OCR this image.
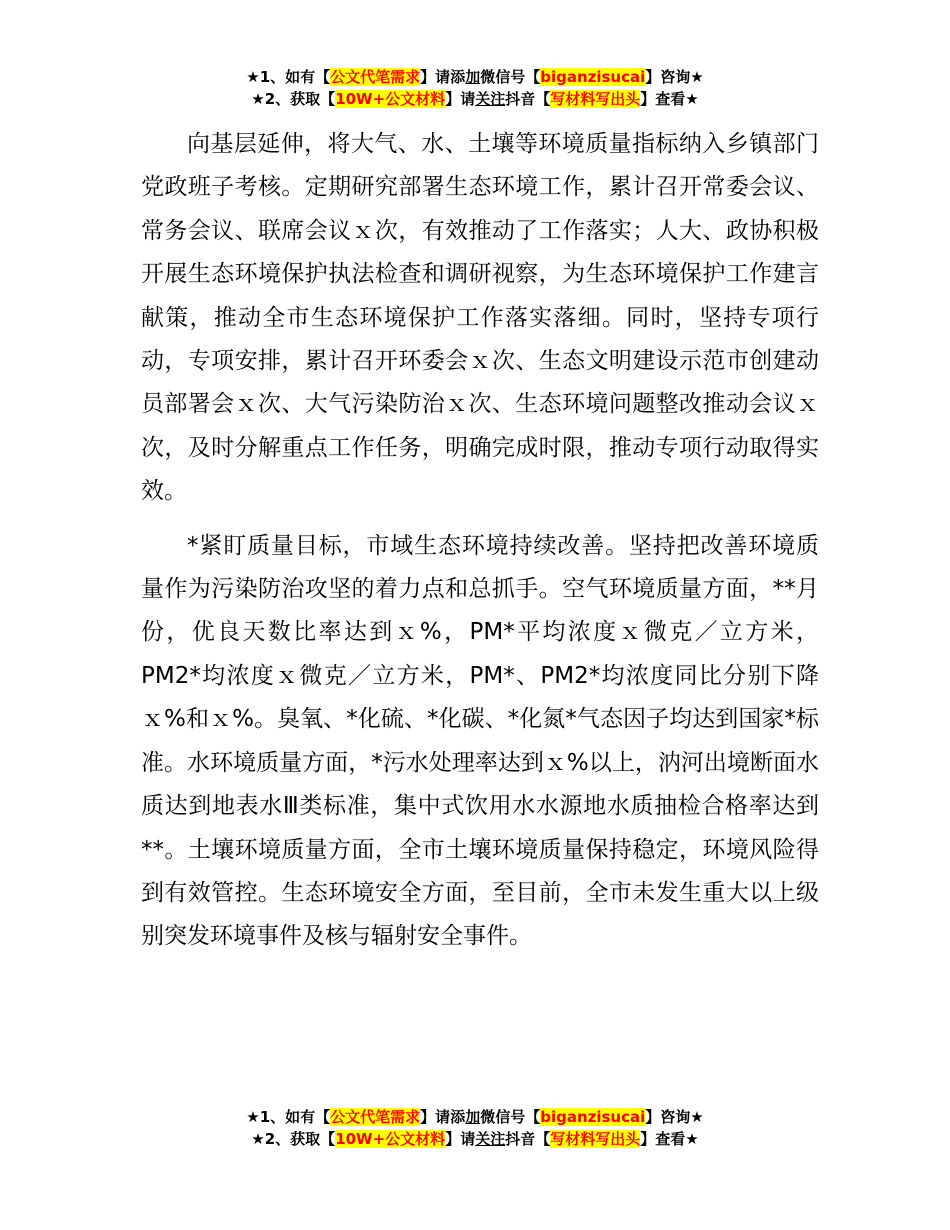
★1、如有【公文代笔需求】请添加微信号【biganzisucai】咨询★
★2、获取【10W+公文材料】请关注抖音【写材料写出头】查看★

向基层延伸，将大气、水、土壤等环境质量指标纳入乡镇部门党政班子考核。定期研究部署生态环境工作，累计召开常委会议、常务会议、联席会议ｘ次，有效推动了工作落实；人大、政协积极开展生态环境保护执法检查和调研视察，为生态环境保护工作建言献策，推动全市生态环境保护工作落实落细。同时，坚持专项行动，专项安排，累计召开环委会ｘ次、生态文明建设示范市创建动员部署会ｘ次、大气污染防治ｘ次、生态环境问题整改推动会议ｘ次，及时分解重点工作任务，明确完成时限，推动专项行动取得实效。

*紧盯质量目标，市域生态环境持续改善。坚持把改善环境质量作为污染防治攻坚的着力点和总抓手。空气环境质量方面，**月份，优良天数比率达到ｘ%，PM*平均浓度ｘ微克／立方米，PM2*均浓度ｘ微克／立方米，PM*、PM2*均浓度同比分别下降ｘ%和ｘ%。臭氧、*化硫、*化碳、*化氮*气态因子均达到国家*标准。水环境质量方面，*污水处理率达到ｘ%以上，汭河出境断面水质达到地表水Ⅲ类标准，集中式饮用水水源地水质抽检合格率达到**。土壤环境质量方面，全市土壤环境质量保持稳定，环境风险得到有效管控。生态环境安全方面，至目前，全市未发生重大以上级别突发环境事件及核与辐射安全事件。

★1、如有【公文代笔需求】请添加微信号【biganzisucai】咨询★
★2、获取【10W+公文材料】请关注抖音【写材料写出头】查看★
